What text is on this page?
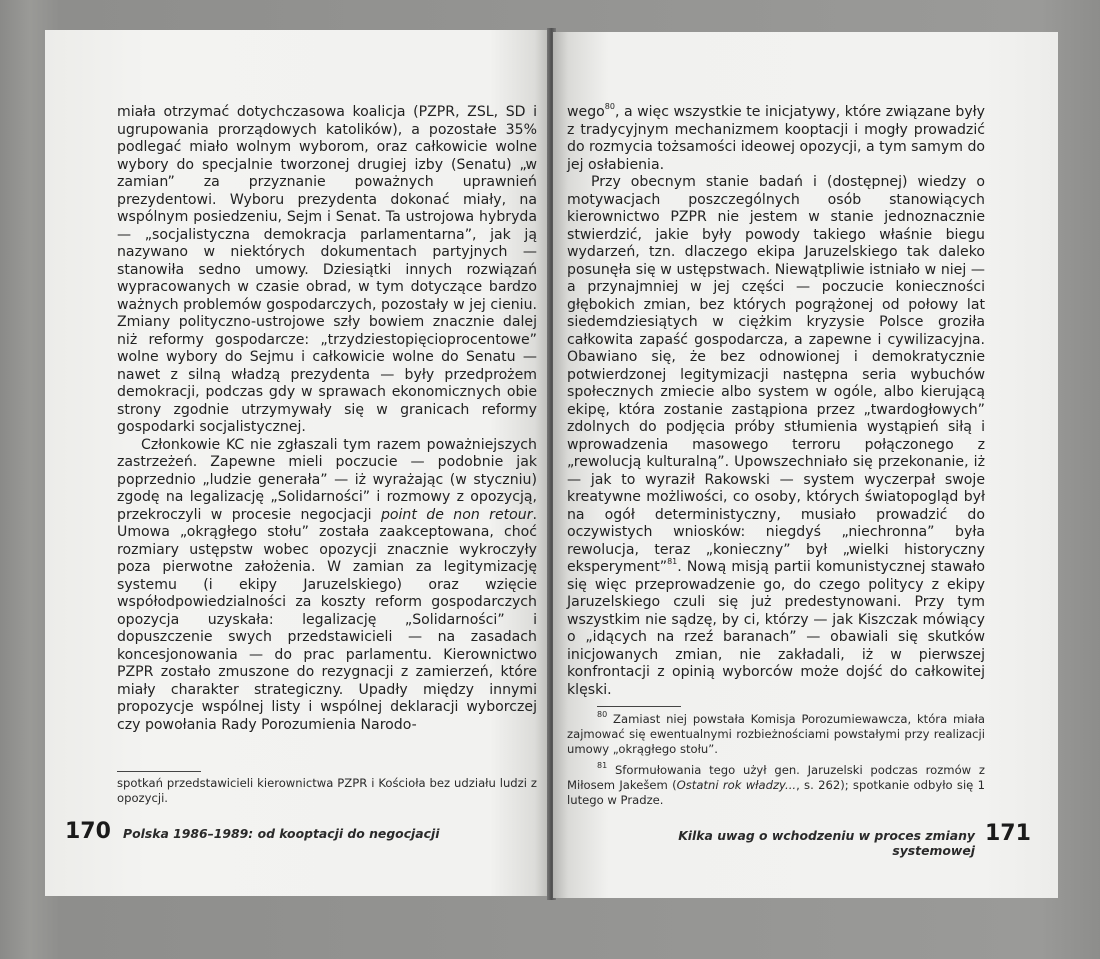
miała otrzymać dotychczasowa koalicja (PZPR, ZSL, SD i ugrupowania prorządowych katolików), a pozostałe 35% podlegać miało wolnym wyborom, oraz całkowicie wolne wybory do specjalnie tworzonej drugiej izby (Senatu) „w zamian” za przyznanie poważnych uprawnień prezydentowi. Wyboru prezydenta dokonać miały, na wspólnym posiedzeniu, Sejm i Senat. Ta ustrojowa hybryda — „socjalistyczna demokracja parlamentarna”, jak ją nazywano w niektórych dokumentach partyjnych — stanowiła sedno umowy. Dziesiątki innych rozwiązań wypracowanych w czasie obrad, w tym dotyczące bardzo ważnych problemów gospodarczych, pozostały w jej cieniu. Zmiany polityczno-ustrojowe szły bowiem znacznie dalej niż reformy gospodarcze: „trzydziestopięcioprocentowe” wolne wybory do Sejmu i całkowicie wolne do Senatu — nawet z silną władzą prezydenta — były przedprożem demokracji, podczas gdy w sprawach ekonomicznych obie strony zgodnie utrzymywały się w granicach reformy gospodarki socjalistycznej.

Członkowie KC nie zgłaszali tym razem poważniejszych zastrzeżeń. Zapewne mieli poczucie — podobnie jak poprzednio „ludzie generała” — iż wyrażając (w styczniu) zgodę na legalizację „Solidarności” i rozmowy z opozycją, przekroczyli w procesie negocjacji point de non retour. Umowa „okrągłego stołu” została zaakceptowana, choć rozmiary ustępstw wobec opozycji znacznie wykroczyły poza pierwotne założenia. W zamian za legitymizację systemu (i ekipy Jaruzelskiego) oraz wzięcie współodpowiedzialności za koszty reform gospodarczych opozycja uzyskała: legalizację „Solidarności” i dopuszczenie swych przedstawicieli — na zasadach koncesjonowania — do prac parlamentu. Kierownictwo PZPR zostało zmuszone do rezygnacji z zamierzeń, które miały charakter strategiczny. Upadły między innymi propozycje wspólnej listy i wspólnej deklaracji wyborczej czy powołania Rady Porozumienia Narodo-

spotkań przedstawicieli kierownictwa PZPR i Kościoła bez udziału ludzi z opozycji.

170 Polska 1986–1989: od kooptacji do negocjacji

wego$^{80}$, a więc wszystkie te inicjatywy, które związane były z tradycyjnym mechanizmem kooptacji i mogły prowadzić do rozmycia tożsamości ideowej opozycji, a tym samym do jej osłabienia.

Przy obecnym stanie badań i (dostępnej) wiedzy o motywacjach poszczególnych osób stanowiących kierownictwo PZPR nie jestem w stanie jednoznacznie stwierdzić, jakie były powody takiego właśnie biegu wydarzeń, tzn. dlaczego ekipa Jaruzelskiego tak daleko posunęła się w ustępstwach. Niewątpliwie istniało w niej — a przynajmniej w jej części — poczucie konieczności głębokich zmian, bez których pogrążonej od połowy lat siedemdziesiątych w ciężkim kryzysie Polsce groziła całkowita zapaść gospodarcza, a zapewne i cywilizacyjna. Obawiano się, że bez odnowionej i demokratycznie potwierdzonej legitymizacji następna seria wybuchów społecznych zmiecie albo system w ogóle, albo kierującą ekipę, która zostanie zastąpiona przez „twardogłowych” zdolnych do podjęcia próby stłumienia wystąpień siłą i wprowadzenia masowego terroru połączonego z „rewolucją kulturalną”. Upowszechniało się przekonanie, iż — jak to wyraził Rakowski — system wyczerpał swoje kreatywne możliwości, co osoby, których światopogląd był na ogół deterministyczny, musiało prowadzić do oczywistych wniosków: niegdyś „niechronna” była rewolucja, teraz „konieczny” był „wielki historyczny eksperyment”$^{81}$. Nową misją partii komunistycznej stawało się więc przeprowadzenie go, do czego politycy z ekipy Jaruzelskiego czuli się już predestynowani. Przy tym wszystkim nie sądzę, by ci, którzy — jak Kiszczak mówiący o „idących na rzeź baranach” — obawiali się skutków inicjowanych zmian, nie zakładali, iż w pierwszej konfrontacji z opinią wyborców może dojść do całkowitej klęski.

$^{80}$ Zamiast niej powstała Komisja Porozumiewawcza, która miała zajmować się ewentualnymi rozbieżnościami powstałymi przy realizacji umowy „okrągłego stołu”.

$^{81}$ Sformułowania tego użył gen. Jaruzelski podczas rozmów z Miłosem Jakešem (Ostatni rok władzy..., s. 262); spotkanie odbyło się 1 lutego w Pradze.

Kilka uwag o wchodzeniu w proces zmiany systemowej
171
